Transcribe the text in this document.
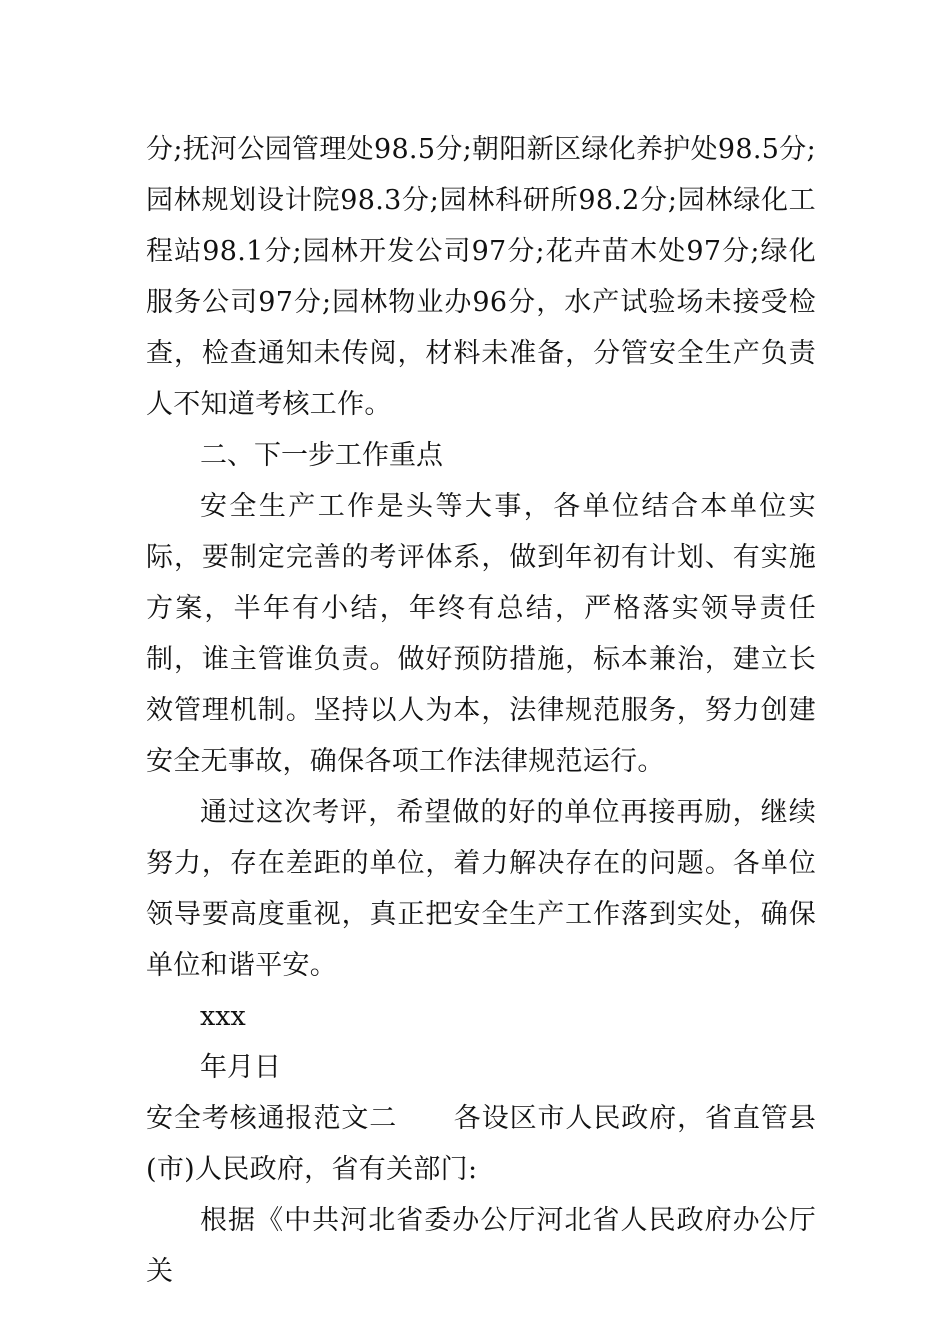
分;抚河公园管理处98.5分;朝阳新区绿化养护处98.5分;园林规划设计院98.3分;园林科研所98.2分;园林绿化工程站98.1分;园林开发公司97分;花卉苗木处97分;绿化服务公司97分;园林物业办96分，水产试验场未接受检查，检查通知未传阅，材料未准备，分管安全生产负责人不知道考核工作。

二、下一步工作重点

安全生产工作是头等大事，各单位结合本单位实际，要制定完善的考评体系，做到年初有计划、有实施方案，半年有小结，年终有总结，严格落实领导责任制，谁主管谁负责。做好预防措施，标本兼治，建立长效管理机制。坚持以人为本，法律规范服务，努力创建安全无事故，确保各项工作法律规范运行。

通过这次考评，希望做的好的单位再接再励，继续努力，存在差距的单位，着力解决存在的问题。各单位领导要高度重视，真正把安全生产工作落到实处，确保单位和谐平安。

xxx

年月日

安全考核通报范文二 各设区市人民政府，省直管县(市)人民政府，省有关部门:

根据《中共河北省委办公厅河北省人民政府办公厅关
